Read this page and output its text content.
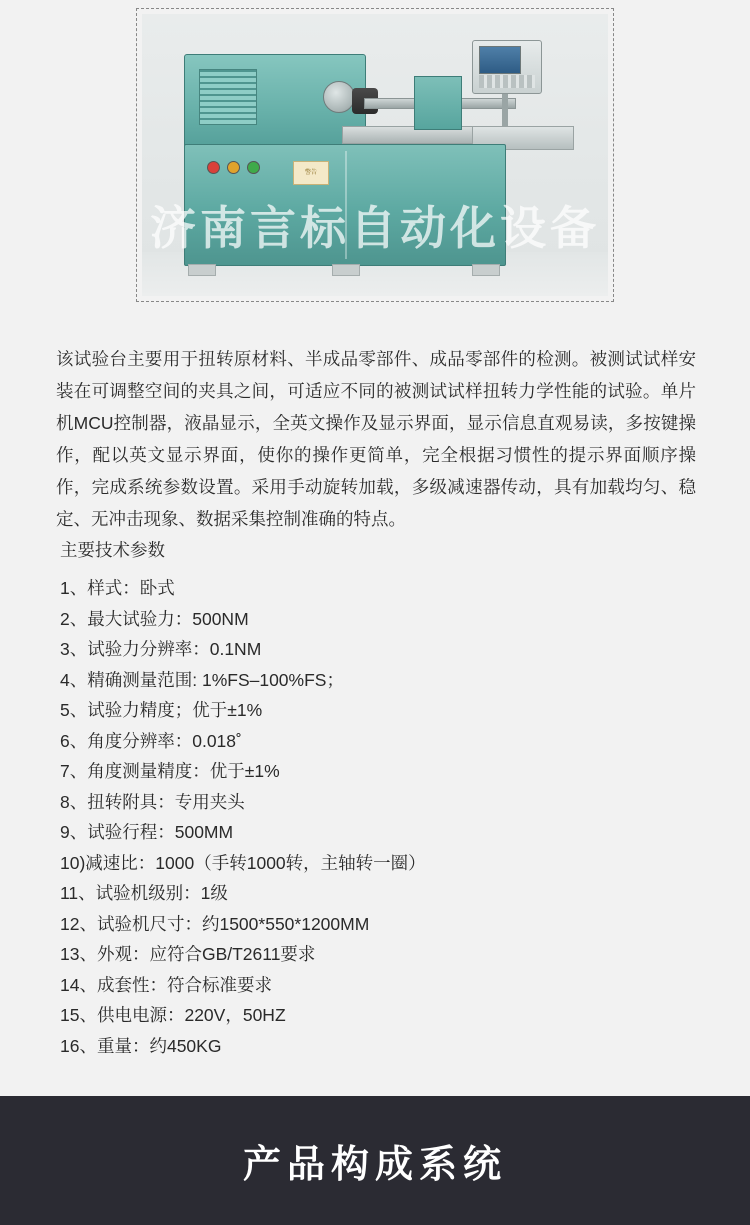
警告
济南言标自动化设备

该试验台主要用于扭转原材料、半成品零部件、成品零部件的检测。被测试试样安装在可调整空间的夹具之间，可适应不同的被测试试样扭转力学性能的试验。单片机MCU控制器，液晶显示，全英文操作及显示界面，显示信息直观易读，多按键操作，配以英文显示界面，使你的操作更简单，完全根据习惯性的提示界面顺序操作，完成系统参数设置。采用手动旋转加载，多级减速器传动，具有加载均匀、稳定、无冲击现象、数据采集控制准确的特点。

主要技术参数
1、样式：卧式
2、最大试验力：500NM
3、试验力分辨率：0.1NM
4、精确测量范围: 1%FS–100%FS；
5、试验力精度；优于±1%
6、角度分辨率：0.018˚
7、角度测量精度：优于±1%
8、扭转附具：专用夹头
9、试验行程：500MM
10)减速比：1000（手转1000转，主轴转一圈）
11、试验机级别：1级
12、试验机尺寸：约1500*550*1200MM
13、外观：应符合GB/T2611要求
14、成套性：符合标准要求
15、供电电源：220V，50HZ
16、重量：约450KG
产品构成系统
